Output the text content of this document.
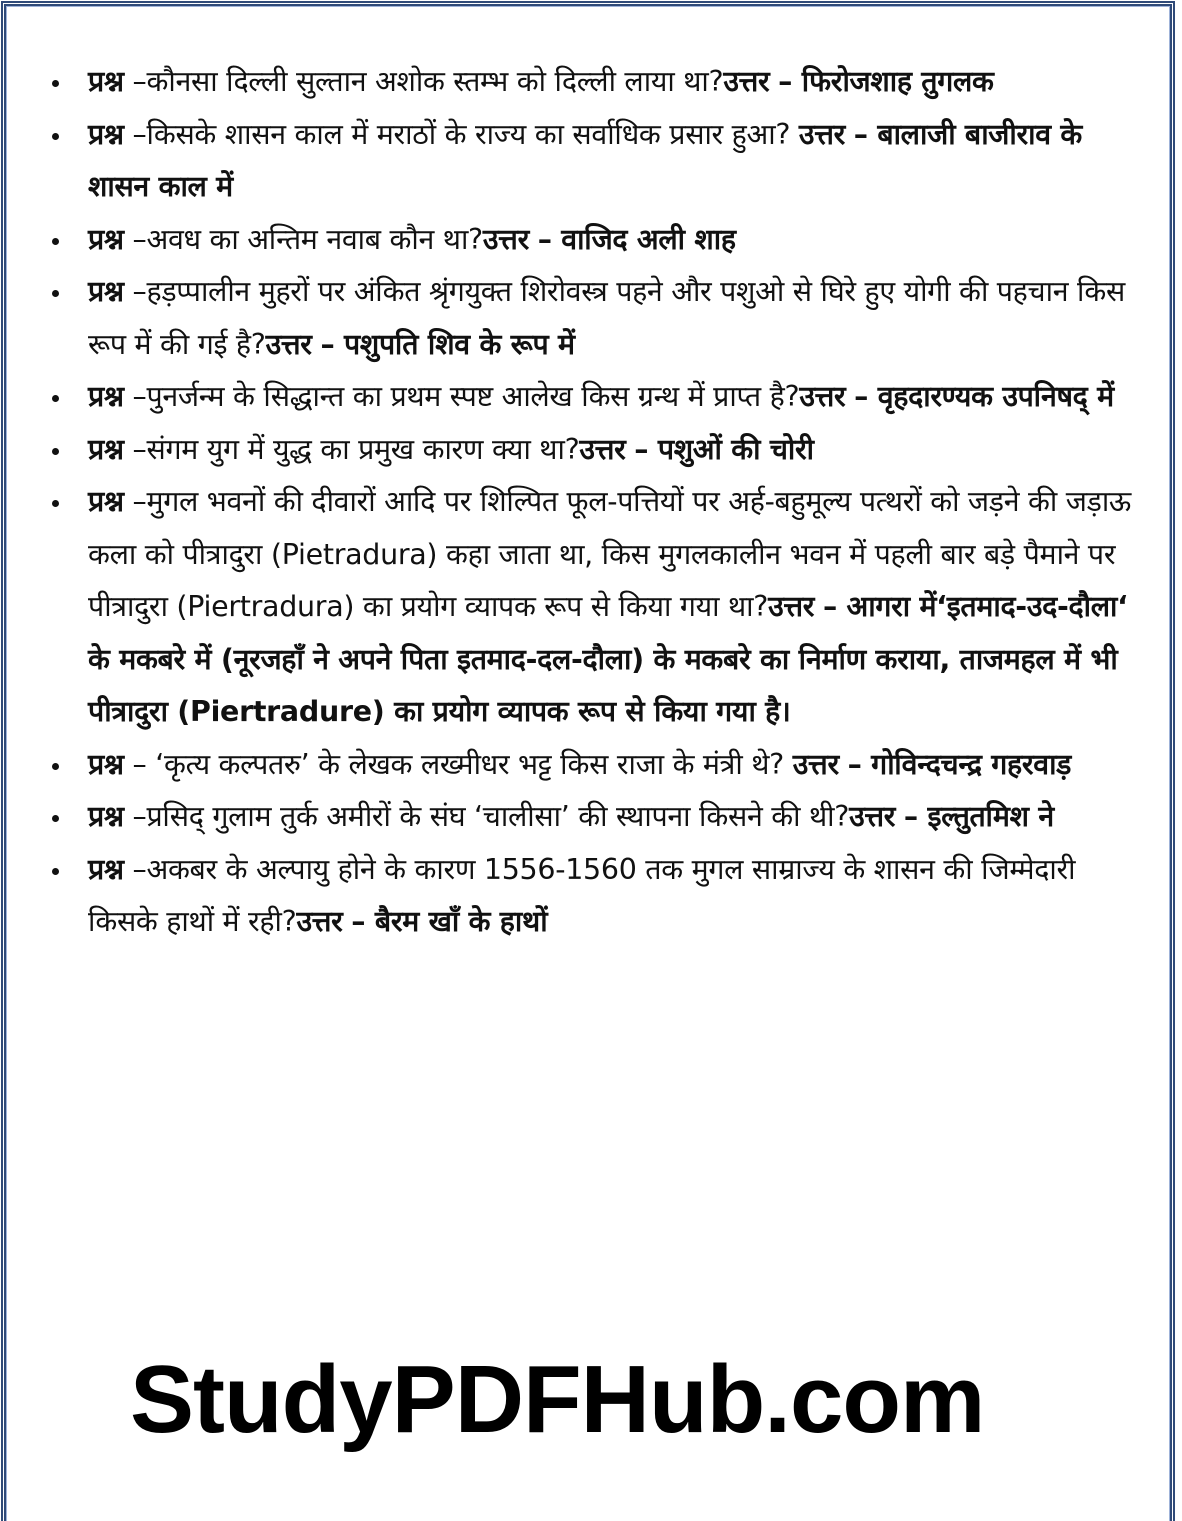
प्रश्न –कौनसा दिल्ली सुल्तान अशोक स्तम्भ को दिल्ली लाया था?उत्तर – फिरोजशाह तुगलक
प्रश्न –किसके शासन काल में मराठों के राज्य का सर्वाधिक प्रसार हुआ? उत्तर – बालाजी बाजीराव के शासन काल में
प्रश्न –अवध का अन्तिम नवाब कौन था?उत्तर – वाजिद अली शाह
प्रश्न –हड़प्पालीन मुहरों पर अंकित श्रृंगयुक्त शिरोवस्त्र पहने और पशुओ से घिरे हुए योगी की पहचान किस रूप में की गई है?उत्तर – पशुपति शिव के रूप में
प्रश्न –पुनर्जन्म के सिद्धान्त का प्रथम स्पष्ट आलेख किस ग्रन्थ में प्राप्त है?उत्तर – वृहदारण्यक उपनिषद् में
प्रश्न –संगम युग में युद्ध का प्रमुख कारण क्या था?उत्तर – पशुओं की चोरी
प्रश्न –मुगल भवनों की दीवारों आदि पर शिल्पित फूल-पत्तियों पर अर्ह-बहुमूल्य पत्थरों को जड़ने की जड़ाऊ कला को पीत्रादुरा (Pietradura) कहा जाता था, किस मुगलकालीन भवन में पहली बार बड़े पैमाने पर पीत्रादुरा (Piertradura) का प्रयोग व्यापक रूप से किया गया था?उत्तर – आगरा में‘इतमाद-उद-दौला‘ के मकबरे में (नूरजहाँ ने अपने पिता इतमाद-दल-दौला) के मकबरे का निर्माण कराया, ताजमहल में भी पीत्रादुरा (Piertradure) का प्रयोग व्यापक रूप से किया गया है।
प्रश्न – ‘कृत्य कल्पतरु’ के लेखक लख्मीधर भट्ट किस राजा के मंत्री थे? उत्तर – गोविन्दचन्द्र गहरवाड़
प्रश्न –प्रसिद् गुलाम तुर्क अमीरों के संघ ‘चालीसा’ की स्थापना किसने की थी?उत्तर – इल्तुतमिश ने
प्रश्न –अकबर के अल्पायु होने के कारण 1556-1560 तक मुगल साम्राज्य के शासन की जिम्मेदारी किसके हाथों में रही?उत्तर – बैरम खाँ के हाथों
StudyPDFHub.com
